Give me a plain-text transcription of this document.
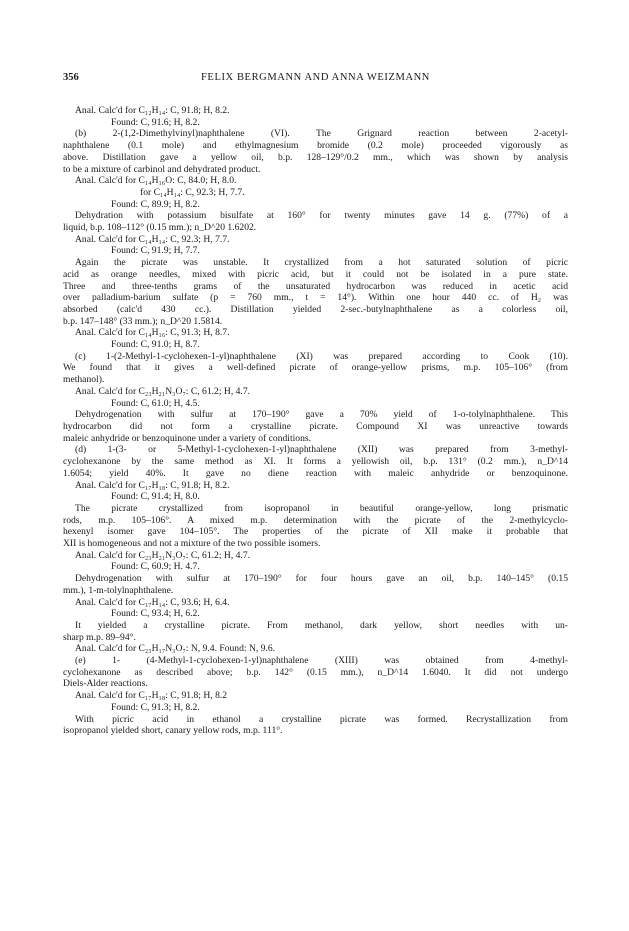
356	FELIX BERGMANN AND ANNA WEIZMANN
Anal. Calc'd for C₁₂H₁₄: C, 91.8; H, 8.2.
Found: C, 91.6; H, 8.2.
(b) 2-(1,2-Dimethylvinyl)naphthalene (VI). The Grignard reaction between 2-acetyl-
naphthalene (0.1 mole) and ethylmagnesium bromide (0.2 mole) proceeded vigorously as
above. Distillation gave a yellow oil, b.p. 128–129°/0.2 mm., which was shown by analysis
to be a mixture of carbinol and dehydrated product.
Anal. Calc'd for C₁₄H₁₆O: C, 84.0; H, 8.0.
for C₁₄H₁₄: C, 92.3; H, 7.7.
Found: C, 89.9; H, 8.2.
Dehydration with potassium bisulfate at 160° for twenty minutes gave 14 g. (77%) of a
liquid, b.p. 108–112° (0.15 mm.); n_D^20 1.6202.
Anal. Calc'd for C₁₄H₁₄: C, 92.3; H, 7.7.
Found: C, 91.9; H, 7.7.
Again the picrate was unstable. It crystallized from a hot saturated solution of picric
acid as orange needles, mixed with picric acid, but it could not be isolated in a pure state.
Three and three-tenths grams of the unsaturated hydrocarbon was reduced in acetic acid
over palladium-barium sulfate (p = 760 mm., t = 14°). Within one hour 440 cc. of H₂ was
absorbed (calc'd 430 cc.). Distillation yielded 2-sec.-butylnaphthalene as a colorless oil,
b.p. 147–148° (33 mm.); n_D^20 1.5814.
Anal. Calc'd for C₁₄H₁₆: C, 91.3; H, 8.7.
Found: C, 91.0; H, 8.7.
(c) 1-(2-Methyl-1-cyclohexen-1-yl)naphthalene (XI) was prepared according to Cook (10).
We found that it gives a well-defined picrate of orange-yellow prisms, m.p. 105–106° (from
methanol).
Anal. Calc'd for C₂₃H₂₁N₃O₇: C, 61.2; H, 4.7.
Found: C, 61.0; H, 4.5.
Dehydrogenation with sulfur at 170–190° gave a 70% yield of 1-o-tolylnaphthalene. This
hydrocarbon did not form a crystalline picrate. Compound XI was unreactive towards
maleic anhydride or benzoquinone under a variety of conditions.
(d) 1-(3- or 5-Methyl-1-cyclohexen-1-yl)naphthalene (XII) was prepared from 3-methyl-
cyclohexanone by the same method as XI. It forms a yellowish oil, b.p. 131° (0.2 mm.), n_D^14
1.6054; yield 40%. It gave no diene reaction with maleic anhydride or benzoquinone.
Anal. Calc'd for C₁₇H₁₈: C, 91.8; H, 8.2.
Found: C, 91.4; H, 8.0.
The picrate crystallized from isopropanol in beautiful orange-yellow, long prismatic
rods, m.p. 105–106°. A mixed m.p. determination with the picrate of the 2-methylcyclo-
hexenyl isomer gave 104–105°. The properties of the picrate of XII make it probable that
XII is homogeneous and not a mixture of the two possible isomers.
Anal. Calc'd for C₂₃H₂₁N₃O₇: C, 61.2; H, 4.7.
Found: C, 60.9; H. 4.7.
Dehydrogenation with sulfur at 170–190° for four hours gave an oil, b.p. 140–145° (0.15
mm.), 1-m-tolylnaphthalene.
Anal. Calc'd for C₁₇H₁₄: C, 93.6; H, 6.4.
Found: C, 93.4; H, 6.2.
It yielded a crystalline picrate. From methanol, dark yellow, short needles with un-
sharp m.p. 89–94°.
Anal. Calc'd for C₂₃H₁₇N₃O₇: N, 9.4. Found: N, 9.6.
(e) 1- (4-Methyl-1-cyclohexen-1-yl)naphthalene (XIII) was obtained from 4-methyl-
cyclohexanone as described above; b.p. 142° (0.15 mm.), n_D^14 1.6040. It did not undergo
Diels-Alder reactions.
Anal. Calc'd for C₁₇H₁₈: C, 91.8; H, 8.2
Found: C, 91.3; H, 8.2.
With picric acid in ethanol a crystalline picrate was formed. Recrystallization from
isopropanol yielded short, canary yellow rods, m.p. 111°.
